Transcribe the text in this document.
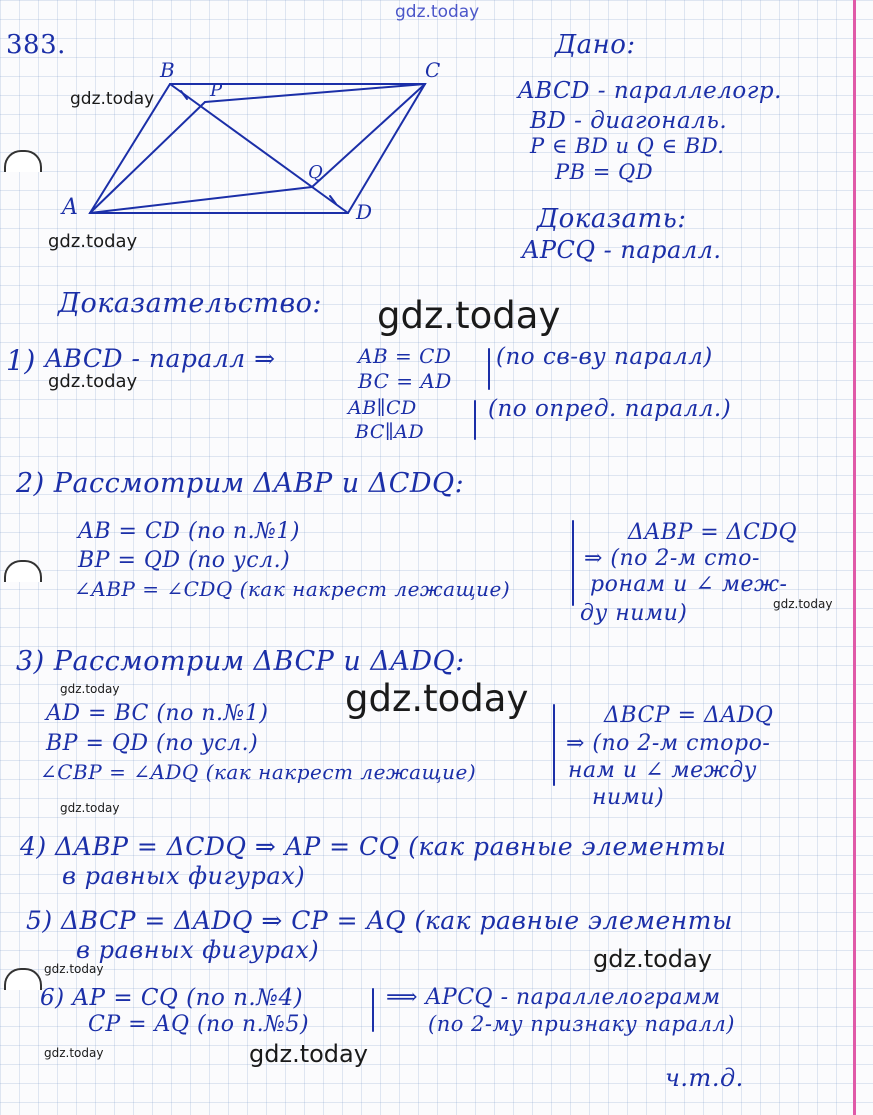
gdz.today
gdz.today
gdz.today
gdz.today
gdz.today
gdz.today
gdz.today	gdz.today
gdz.today
gdz.today	gdz.today
gdz.today
gdz.today
383.
B	C
A	D
P
Q
Дано:
ABCD - параллелогр.
BD - диагональ.
P ∈ BD и Q ∈ BD.
PB = QD
Доказать:
APCQ - паралл.
Доказательство:
1) ABCD - паралл ⇒	AB = CD
BC = AD
(по св-ву паралл)
AB∥CD
BC∥AD
(по опред. паралл.)
2) Рассмотрим ΔABP и ΔCDQ:
AB = CD (по п.№1)
BP = QD (по усл.)
∠ABP = ∠CDQ (как накрест лежащие)
ΔABP = ΔCDQ
⇒ (по 2-м сто-
ронам и ∠ меж-
ду ними)
3) Рассмотрим ΔBCP и ΔADQ:
AD = BC (по п.№1)
BP = QD (по усл.)
∠CBP = ∠ADQ (как накрест лежащие)
ΔBCP = ΔADQ
⇒ (по 2-м сторо-
нам и ∠ между
ними)
4) ΔABP = ΔCDQ ⇒ AP = CQ (как равные элементы
в равных фигурах)
5) ΔBCP = ΔADQ ⇒ CP = AQ (как равные элементы
в равных фигурах)
6) AP = CQ (по п.№4)
CP = AQ (по п.№5)
⟹ APCQ - параллелограмм
(по 2-му признаку паралл)
ч.т.д.
